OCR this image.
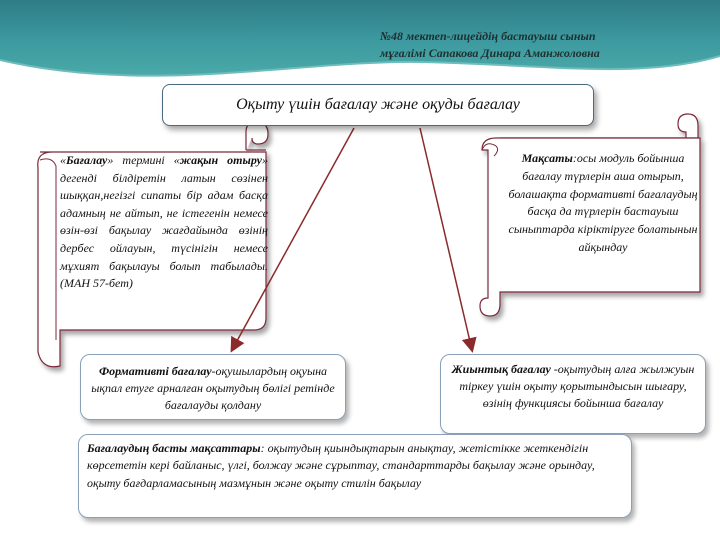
№48 мектеп-лицейдің бастауыш сынып
мұғалімі Сапакова Динара Аманжоловна
Оқыту үшін бағалау және оқуды бағалау
«Бағалау» термині «жақын отыру» дегенді білдіретін латын сөзінен шыққан,негізгі сипаты бір адам басқа адамның не айтып, не істегенін немесе өзін-өзі бақылау жағдайында өзінің дербес ойлауын, түсінігін немесе мұхият бақылауы болып табылады.(МАН 57-бет)
Мақсаты:осы модуль бойынша бағалау түрлерін аша отырып, болашақта формативті бағалаудың басқа да түрлерін бастауыш сыныптарда кіріктіруге болатынын айқындау
Формативті бағалау-оқушылардың оқуына ықпал етуге арналған оқытудың бөлігі ретінде бағалауды қолдану
Жиынтық бағалау -оқытудың алға жылжуын тіркеу үшін оқыту қорытындысын шығару, өзінің функциясы бойынша бағалау
Бағалаудың басты мақсаттары: оқытудың қиындықтарын анықтау, жетістікке жеткендігін көрсететін кері байланыс, үлгі, болжау және сұрыптау, стандарттарды бақылау және орындау, оқыту бағдарламасының мазмұнын және оқыту стилін бақылау
